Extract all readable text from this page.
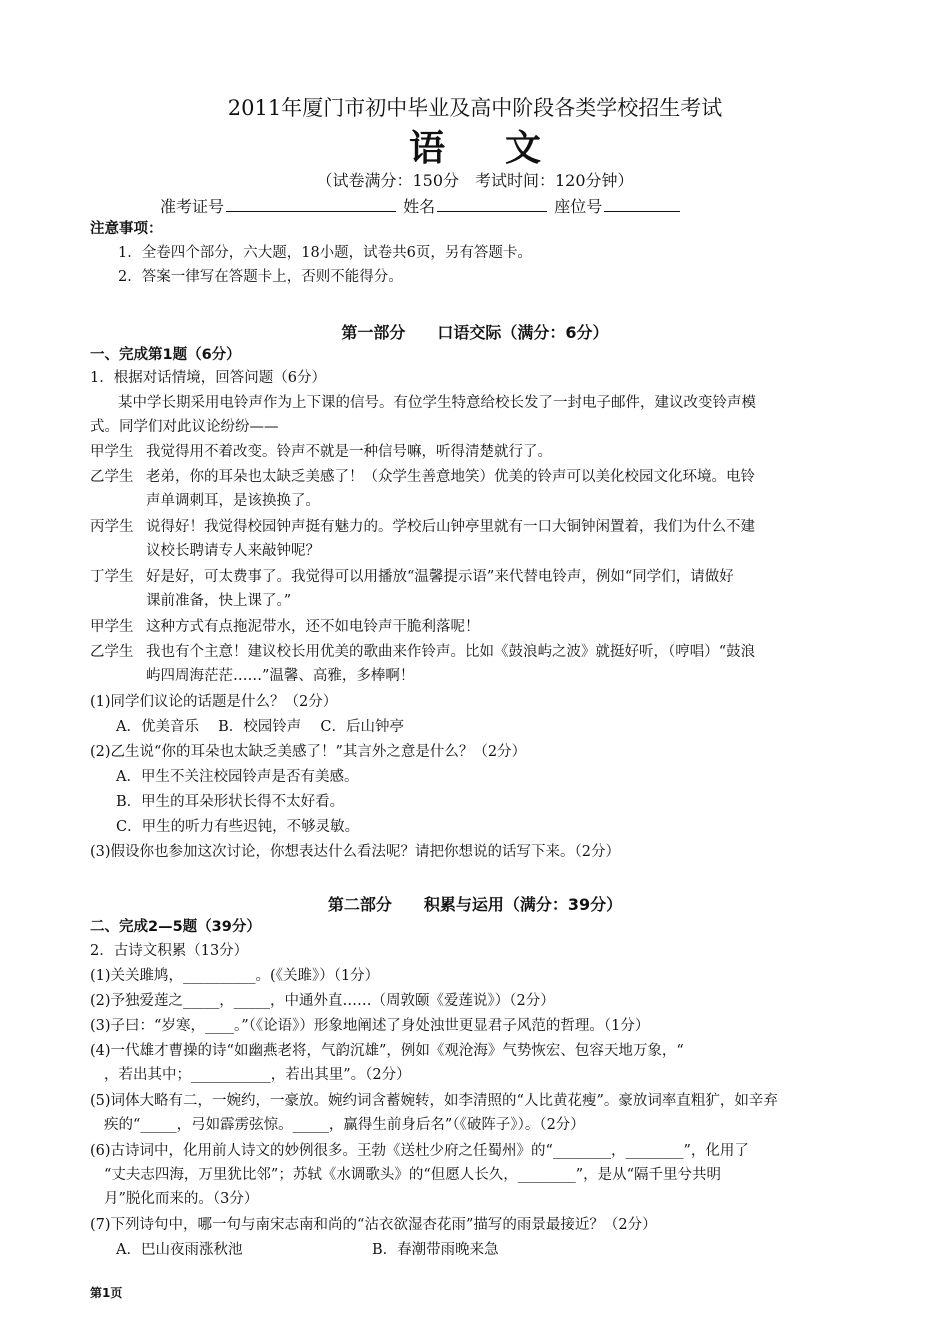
2011年厦门市初中毕业及高中阶段各类学校招生考试
语文
（试卷满分：150分　考试时间：120分钟）
准考证号	姓名	座位号
注意事项：
1．全卷四个部分，六大题，18小题，试卷共6页，另有答题卡。
2．答案一律写在答题卡上，否则不能得分。
第一部分　　口语交际（满分：6分）
一、完成第1题（6分）
1．根据对话情境，回答问题（6分）
某中学长期采用电铃声作为上下课的信号。有位学生特意给校长发了一封电子邮件，建议改变铃声模
式。同学们对此议论纷纷——
甲学生 我觉得用不着改变。铃声不就是一种信号嘛，听得清楚就行了。
乙学生 老弟，你的耳朵也太缺乏美感了！（众学生善意地笑）优美的铃声可以美化校园文化环境。电铃
声单调刺耳，是该换换了。
丙学生 说得好！我觉得校园钟声挺有魅力的。学校后山钟亭里就有一口大铜钟闲置着，我们为什么不建
议校长聘请专人来敲钟呢？
丁学生 好是好，可太费事了。我觉得可以用播放“温馨提示语”来代替电铃声，例如“同学们，请做好
课前准备，快上课了。”
甲学生 这种方式有点拖泥带水，还不如电铃声干脆利落呢！
乙学生 我也有个主意！建议校长用优美的歌曲来作铃声。比如《鼓浪屿之波》就挺好听，（哼唱）“鼓浪
屿四周海茫茫……”温馨、高雅，多棒啊！
(1)同学们议论的话题是什么？（2分）
A．优美音乐　 B．校园铃声　 C．后山钟亭
(2)乙生说“你的耳朵也太缺乏美感了！”其言外之意是什么？（2分）
A．甲生不关注校园铃声是否有美感。
B．甲生的耳朵形状长得不太好看。
C．甲生的听力有些迟钝，不够灵敏。
(3)假设你也参加这次讨论，你想表达什么看法呢？请把你想说的话写下来。（2分）
第二部分　　积累与运用（满分：39分）
二、完成2—5题（39分）
2．古诗文积累（13分）
(1)关关雎鸠，__________。(《关雎》）（1分）
(2)予独爱莲之_____，_____，中通外直……（周敦颐《爱莲说》）（2分）
(3)子曰：“岁寒，____。”（《论语》）形象地阐述了身处浊世更显君子风范的哲理。（1分）
(4)一代雄才曹操的诗“如幽燕老将，气韵沉雄”，例如《观沧海》气势恢宏、包容天地万象，“
，若出其中；___________，若出其里”。（2分）
(5)词体大略有二，一婉约，一豪放。婉约词含蓄婉转，如李清照的“人比黄花瘦”。豪放词率直粗犷，如辛弃
疾的“_____，弓如霹雳弦惊。_____，赢得生前身后名”（《破阵子》）。（2分）
(6)古诗词中，化用前人诗文的妙例很多。王勃《送杜少府之任蜀州》的“________，________”，化用了
“丈夫志四海，万里犹比邻”；苏轼《水调歌头》的“但愿人长久，________”，是从“隔千里兮共明
月”脱化而来的。（3分）
(7)下列诗句中，哪一句与南宋志南和尚的“沾衣欲湿杏花雨”描写的雨景最接近？（2分）
A．巴山夜雨涨秋池	B．春潮带雨晚来急
第1页
